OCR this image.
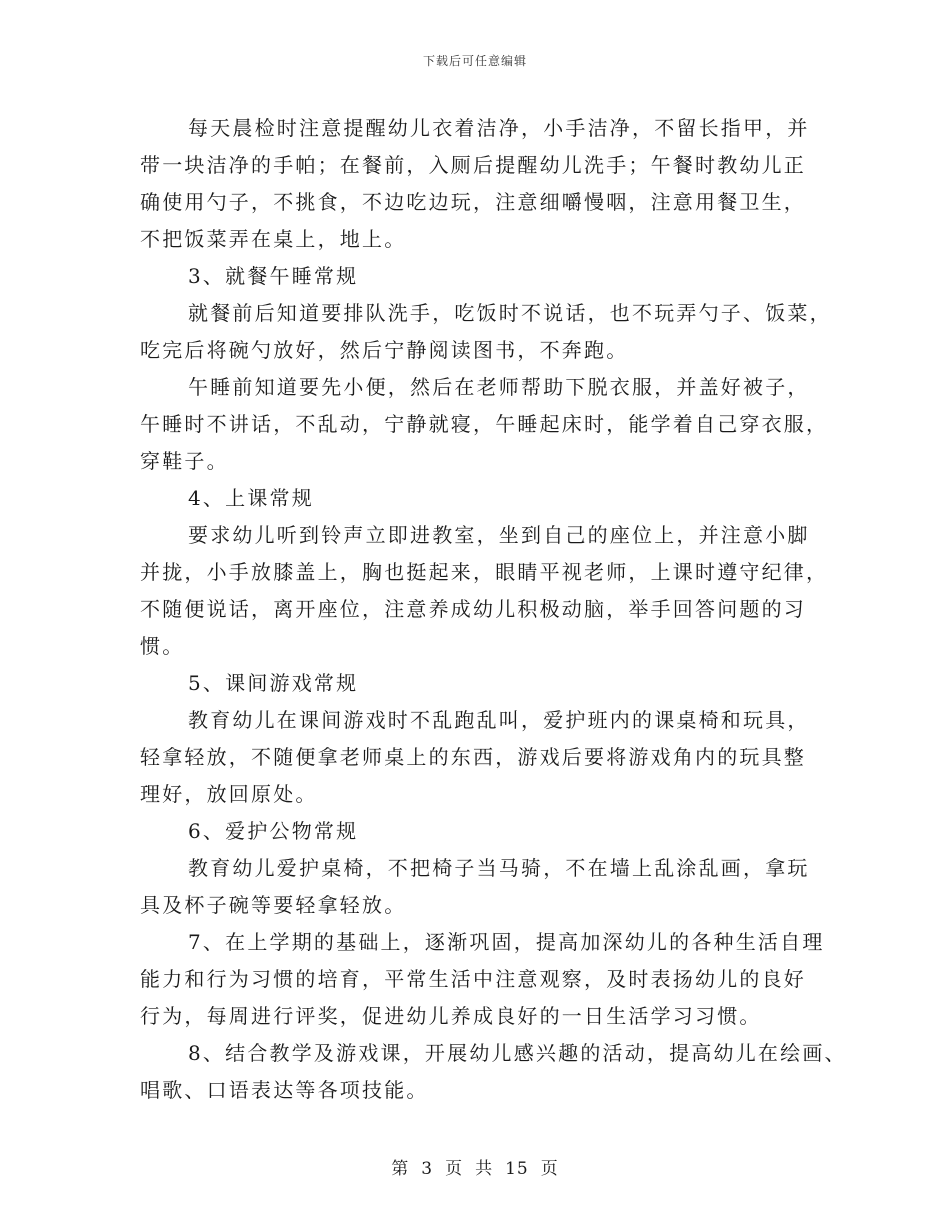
下载后可任意编辑
每天晨检时注意提醒幼儿衣着洁净，小手洁净，不留长指甲，并
带一块洁净的手帕；在餐前，入厕后提醒幼儿洗手；午餐时教幼儿正
确使用勺子，不挑食，不边吃边玩，注意细嚼慢咽，注意用餐卫生，
不把饭菜弄在桌上，地上。
3、就餐午睡常规
就餐前后知道要排队洗手，吃饭时不说话，也不玩弄勺子、饭菜，
吃完后将碗勺放好，然后宁静阅读图书，不奔跑。
午睡前知道要先小便，然后在老师帮助下脱衣服，并盖好被子，
午睡时不讲话，不乱动，宁静就寝，午睡起床时，能学着自己穿衣服，
穿鞋子。
4、上课常规
要求幼儿听到铃声立即进教室，坐到自己的座位上，并注意小脚
并拢，小手放膝盖上，胸也挺起来，眼睛平视老师，上课时遵守纪律，
不随便说话，离开座位，注意养成幼儿积极动脑，举手回答问题的习
惯。
5、课间游戏常规
教育幼儿在课间游戏时不乱跑乱叫，爱护班内的课桌椅和玩具，
轻拿轻放，不随便拿老师桌上的东西，游戏后要将游戏角内的玩具整
理好，放回原处。
6、爱护公物常规
教育幼儿爱护桌椅，不把椅子当马骑，不在墙上乱涂乱画，拿玩
具及杯子碗等要轻拿轻放。
7、在上学期的基础上，逐渐巩固，提高加深幼儿的各种生活自理
能力和行为习惯的培育，平常生活中注意观察，及时表扬幼儿的良好
行为，每周进行评奖，促进幼儿养成良好的一日生活学习习惯。
8、结合教学及游戏课，开展幼儿感兴趣的活动，提高幼儿在绘画、
唱歌、口语表达等各项技能。
第 3 页 共 15 页
